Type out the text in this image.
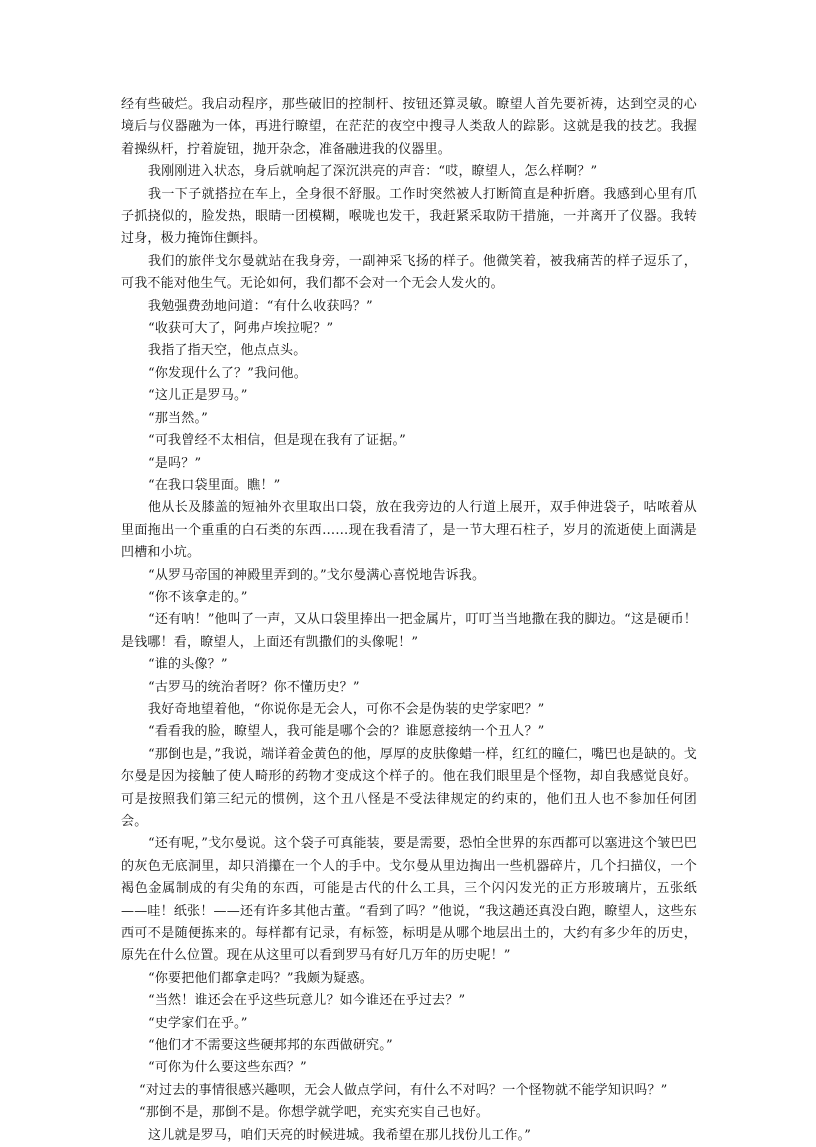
经有些破烂。我启动程序，那些破旧的控制杆、按钮还算灵敏。瞭望人首先要祈祷，达到空灵的心境后与仪器融为一体，再进行瞭望，在茫茫的夜空中搜寻人类敌人的踪影。这就是我的技艺。我握着操纵杆，拧着旋钮，抛开杂念，准备融进我的仪器里。

我刚刚进入状态，身后就响起了深沉洪亮的声音：“哎，瞭望人，怎么样啊？”

我一下子就搭拉在车上，全身很不舒服。工作时突然被人打断简直是种折磨。我感到心里有爪子抓挠似的，脸发热，眼睛一团模糊，喉咙也发干，我赶紧采取防干措施，一并离开了仪器。我转过身，极力掩饰住颤抖。

我们的旅伴戈尔曼就站在我身旁，一副神采飞扬的样子。他微笑着，被我痛苦的样子逗乐了，可我不能对他生气。无论如何，我们都不会对一个无会人发火的。

我勉强费劲地问道：“有什么收获吗？”

“收获可大了，阿弗卢埃拉呢？”

我指了指天空，他点点头。

“你发现什么了？”我问他。

“这儿正是罗马。”

“那当然。”

“可我曾经不太相信，但是现在我有了证据。”

“是吗？”

“在我口袋里面。瞧！”

他从长及膝盖的短袖外衣里取出口袋，放在我旁边的人行道上展开，双手伸进袋子，咕哝着从里面拖出一个重重的白石类的东西……现在我看清了，是一节大理石柱子，岁月的流逝使上面满是凹槽和小坑。

“从罗马帝国的神殿里弄到的。”戈尔曼满心喜悦地告诉我。

“你不该拿走的。”

“还有呐！”他叫了一声，又从口袋里捧出一把金属片，叮叮当当地撒在我的脚边。“这是硬币！是钱哪！看，瞭望人，上面还有凯撒们的头像呢！”

“谁的头像？”

“古罗马的统治者呀？你不懂历史？”

我好奇地望着他，“你说你是无会人，可你不会是伪装的史学家吧？”

“看看我的脸，瞭望人，我可能是哪个会的？谁愿意接纳一个丑人？”

“那倒也是，”我说，端详着金黄色的他，厚厚的皮肤像蜡一样，红红的瞳仁，嘴巴也是缺的。戈尔曼是因为接触了使人畸形的药物才变成这个样子的。他在我们眼里是个怪物，却自我感觉良好。可是按照我们第三纪元的惯例，这个丑八怪是不受法律规定的约束的，他们丑人也不参加任何团会。

“还有呢，”戈尔曼说。这个袋子可真能装，要是需要，恐怕全世界的东西都可以塞进这个皱巴巴的灰色无底洞里，却只消攥在一个人的手中。戈尔曼从里边掏出一些机器碎片，几个扫描仪，一个褐色金属制成的有尖角的东西，可能是古代的什么工具，三个闪闪发光的正方形玻璃片，五张纸——哇！纸张！——还有许多其他古董。“看到了吗？”他说，“我这趟还真没白跑，瞭望人，这些东西可不是随便拣来的。每样都有记录，有标签，标明是从哪个地层出土的，大约有多少年的历史，原先在什么位置。现在从这里可以看到罗马有好几万年的历史呢！”

“你要把他们都拿走吗？”我颇为疑惑。

“当然！谁还会在乎这些玩意儿？如今谁还在乎过去？”

“史学家们在乎。”

“他们才不需要这些硬邦邦的东西做研究。”

“可你为什么要这些东西？”

“对过去的事情很感兴趣呗，无会人做点学问，有什么不对吗？一个怪物就不能学知识吗？”

“那倒不是，那倒不是。你想学就学吧，充实充实自己也好。

这儿就是罗马，咱们天亮的时候进城。我希望在那儿找份儿工作。”
